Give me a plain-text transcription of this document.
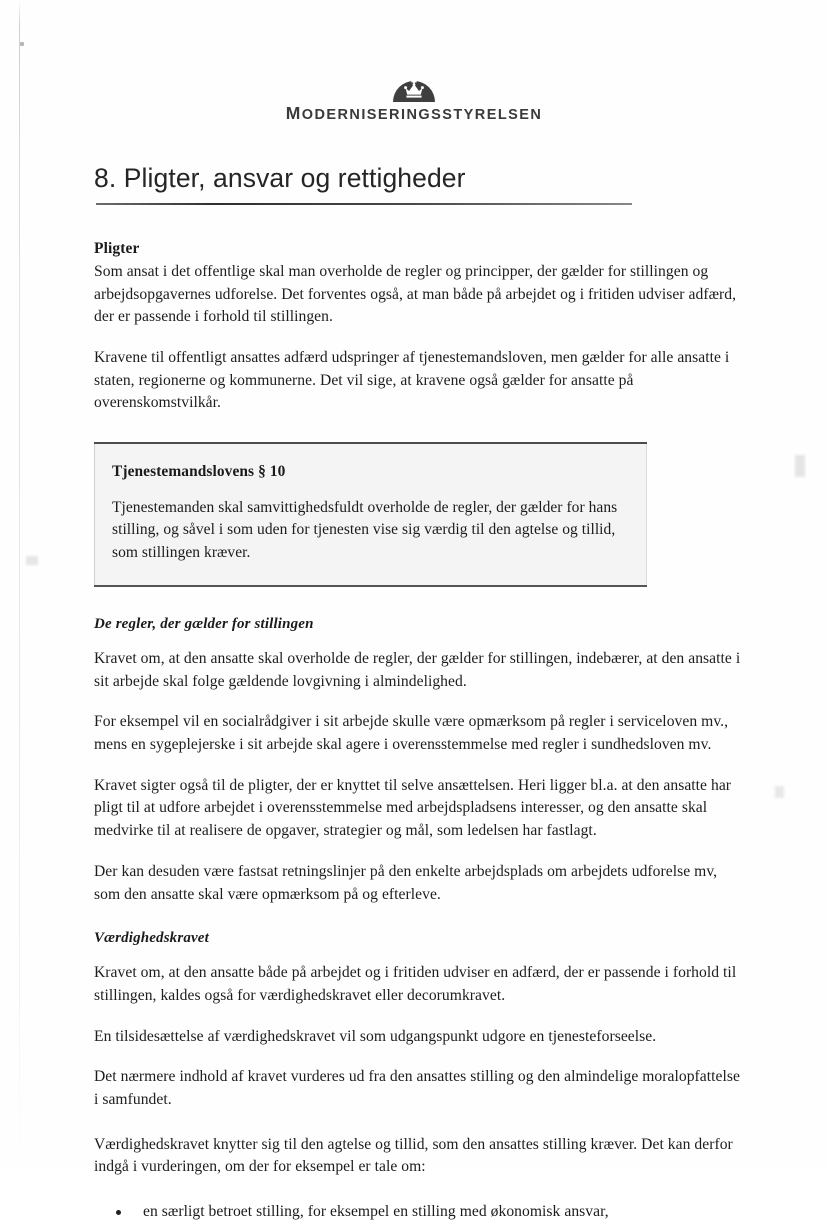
MODERNISERINGSSTYRELSEN
8. Pligter, ansvar og rettigheder
Pligter

Som ansat i det offentlige skal man overholde de regler og principper, der gælder for stillingen og arbejdsopgavernes udforelse. Det forventes også, at man både på arbejdet og i fritiden udviser adfærd, der er passende i forhold til stillingen.

Kravene til offentligt ansattes adfærd udspringer af tjenestemandsloven, men gælder for alle ansatte i staten, regionerne og kommunerne. Det vil sige, at kravene også gælder for ansatte på overenskomstvilkår.

Tjenestemandslovens § 10

Tjenestemanden skal samvittighedsfuldt overholde de regler, der gælder for hans stilling, og såvel i som uden for tjenesten vise sig værdig til den agtelse og tillid, som stillingen kræver.

De regler, der gælder for stillingen

Kravet om, at den ansatte skal overholde de regler, der gælder for stillingen, indebærer, at den ansatte i sit arbejde skal folge gældende lovgivning i almindelighed.

For eksempel vil en socialrådgiver i sit arbejde skulle være opmærksom på regler i serviceloven mv., mens en sygeplejerske i sit arbejde skal agere i overensstemmelse med regler i sundhedsloven mv.

Kravet sigter også til de pligter, der er knyttet til selve ansættelsen. Heri ligger bl.a. at den ansatte har pligt til at udfore arbejdet i overensstemmelse med arbejdspladsens interesser, og den ansatte skal medvirke til at realisere de opgaver, strategier og mål, som ledelsen har fastlagt.

Der kan desuden være fastsat retningslinjer på den enkelte arbejdsplads om arbejdets udforelse mv, som den ansatte skal være opmærksom på og efterleve.

Værdighedskravet

Kravet om, at den ansatte både på arbejdet og i fritiden udviser en adfærd, der er passende i forhold til stillingen, kaldes også for værdighedskravet eller decorumkravet.

En tilsidesættelse af værdighedskravet vil som udgangspunkt udgore en tjenesteforseelse.

Det nærmere indhold af kravet vurderes ud fra den ansattes stilling og den almindelige moralopfattelse i samfundet.

Værdighedskravet knytter sig til den agtelse og tillid, som den ansattes stilling kræver. Det kan derfor indgå i vurderingen, om der for eksempel er tale om:

en særligt betroet stilling, for eksempel en stilling med økonomisk ansvar,
